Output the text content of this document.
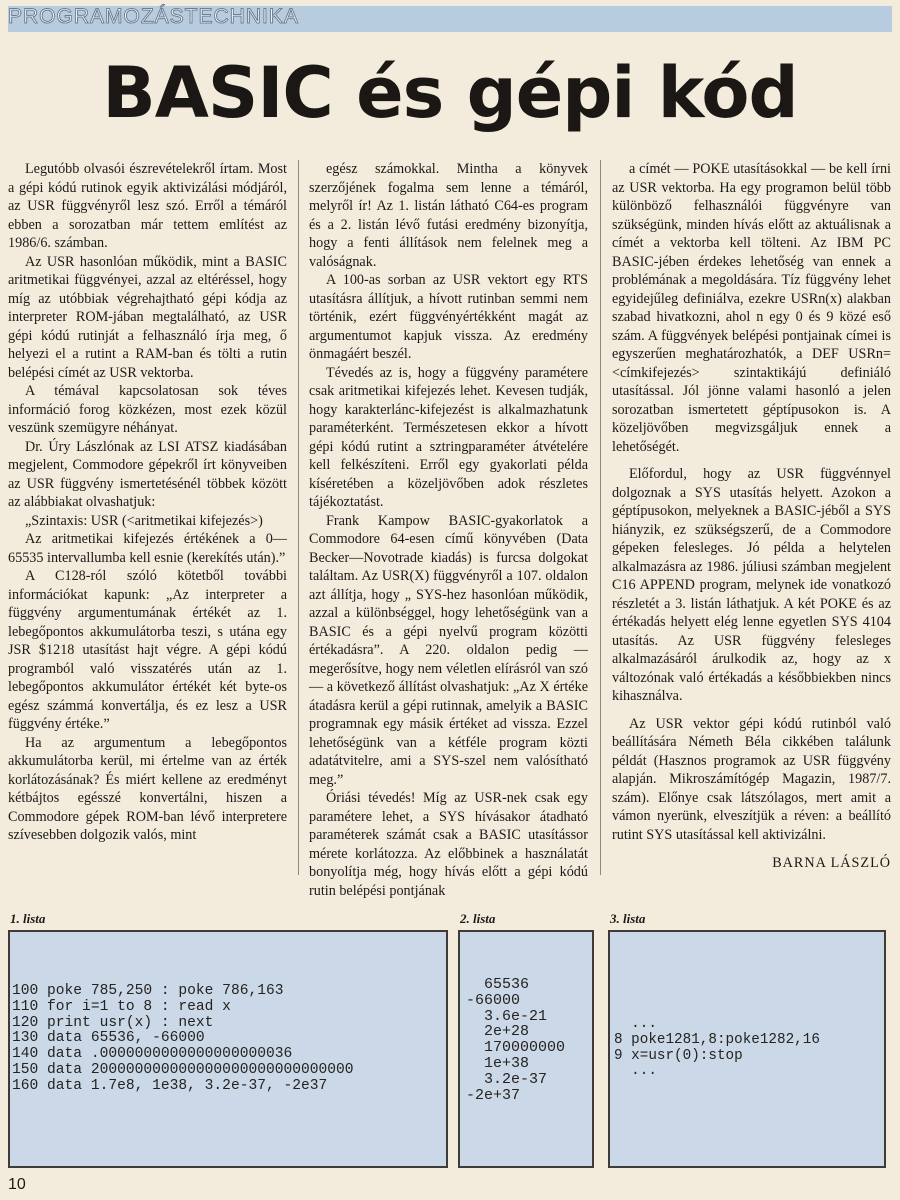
PROGRAMOZÁSTECHNIKA
BASIC és gépi kód

Legutóbb olvasói észrevételekről írtam. Most a gépi kódú rutinok egyik aktivizálási módjáról, az USR függvényről lesz szó. Erről a témáról ebben a sorozatban már tettem említést az 1986/6. számban.

Az USR hasonlóan működik, mint a BASIC aritmetikai függvényei, azzal az eltéréssel, hogy míg az utóbbiak végrehajtható gépi kódja az interpreter ROM-jában megtalálható, az USR gépi kódú rutinját a felhasználó írja meg, ő helyezi el a rutint a RAM-ban és tölti a rutin belépési címét az USR vektorba.

A témával kapcsolatosan sok téves információ forog közkézen, most ezek közül veszünk szemügyre néhányat.

Dr. Úry Lászlónak az LSI ATSZ kiadásában megjelent, Commodore gépekről írt könyveiben az USR függvény ismertetésénél többek között az alábbiakat olvashatjuk:

„Szintaxis: USR (<aritmetikai kifejezés>)

Az aritmetikai kifejezés értékének a 0—65535 intervallumba kell esnie (kerekítés után).”

A C128-ról szóló kötetből további információkat kapunk: „Az interpreter a függvény argumentumának értékét az 1. lebegőpontos akkumulátorba teszi, s utána egy JSR $1218 utasítást hajt végre. A gépi kódú programból való visszatérés után az 1. lebegőpontos akkumulátor értékét két byte-os egész számmá konvertálja, és ez lesz a USR függvény értéke.”

Ha az argumentum a lebegőpontos akkumulátorba kerül, mi értelme van az érték korlátozásának? És miért kellene az eredményt kétbájtos egésszé konvertálni, hiszen a Commodore gépek ROM-ban lévő interpretere szívesebben dolgozik valós, mint

egész számokkal. Mintha a könyvek szerzőjének fogalma sem lenne a témáról, melyről ír! Az 1. listán látható C64-es program és a 2. listán lévő futási eredmény bizonyítja, hogy a fenti állítások nem felelnek meg a valóságnak.

A 100-as sorban az USR vektort egy RTS utasításra állítjuk, a hívott rutinban semmi nem történik, ezért függvényértékként magát az argumentumot kapjuk vissza. Az eredmény önmagáért beszél.

Tévedés az is, hogy a függvény paramétere csak aritmetikai kifejezés lehet. Kevesen tudják, hogy karakterlánc-kifejezést is alkalmazhatunk paraméterként. Természetesen ekkor a hívott gépi kódú rutint a sztringparaméter átvételére kell felkészíteni. Erről egy gyakorlati példa kíséretében a közeljövőben adok részletes tájékoztatást.

Frank Kampow BASIC-gyakorlatok a Commodore 64-esen című könyvében (Data Becker—Novotrade kiadás) is furcsa dolgokat találtam. Az USR(X) függvényről a 107. oldalon azt állítja, hogy „ SYS-hez hasonlóan működik, azzal a különbséggel, hogy lehetőségünk van a BASIC és a gépi nyelvű program közötti értékadásra”. A 220. oldalon pedig — megerősítve, hogy nem véletlen elírásról van szó — a következő állítást olvashatjuk: „Az X értéke átadásra kerül a gépi rutinnak, amelyik a BASIC programnak egy másik értéket ad vissza. Ezzel lehetőségünk van a kétféle program közti adatátvitelre, ami a SYS-szel nem valósítható meg.”

Óriási tévedés! Míg az USR-nek csak egy paramétere lehet, a SYS hívásakor átadható paraméterek számát csak a BASIC utasítássor mérete korlátozza. Az előbbinek a használatát bonyolítja még, hogy hívás előtt a gépi kódú rutin belépési pontjának

a címét — POKE utasításokkal — be kell írni az USR vektorba. Ha egy programon belül több különböző felhasználói függvényre van szükségünk, minden hívás előtt az aktuálisnak a címét a vektorba kell tölteni. Az IBM PC BASIC-jében érdekes lehetőség van ennek a problémának a megoldására. Tíz függvény lehet egyidejűleg definiálva, ezekre USRn(x) alakban szabad hivatkozni, ahol n egy 0 és 9 közé eső szám. A függvények belépési pontjainak címei is egyszerűen meghatározhatók, a DEF USRn=<címkifejezés> szintaktikájú definiáló utasítással. Jól jönne valami hasonló a jelen sorozatban ismertetett géptípusokon is. A közeljövőben megvizsgáljuk ennek a lehetőségét.

Előfordul, hogy az USR függvénnyel dolgoznak a SYS utasítás helyett. Azokon a géptípusokon, melyeknek a BASIC-jéből a SYS hiányzik, ez szükségszerű, de a Commodore gépeken felesleges. Jó példa a helytelen alkalmazásra az 1986. júliusi számban megjelent C16 APPEND program, melynek ide vonatkozó részletét a 3. listán láthatjuk. A két POKE és az értékadás helyett elég lenne egyetlen SYS 4104 utasítás. Az USR függvény felesleges alkalmazásáról árulkodik az, hogy az x változónak való értékadás a későbbiekben nincs kihasználva.

Az USR vektor gépi kódú rutinból való beállítására Németh Béla cikkében találunk példát (Hasznos programok az USR függvény alapján. Mikroszámítógép Magazin, 1987/7. szám). Előnye csak látszólagos, mert amit a vámon nyerünk, elveszítjük a réven: a beállító rutint SYS utasítással kell aktivizálni.

BARNA LÁSZLÓ

1. lista
100 poke 785,250 : poke 786,163
110 for i=1 to 8 : read x
120 print usr(x) : next
130 data 65536, -66000
140 data .0000000000000000000036
150 data 200000000000000000000000000000
160 data 1.7e8, 1e38, 3.2e-37, -2e37
2. lista
65536
-66000
3.6e-21
2e+28
170000000
1e+38
3.2e-37
-2e+37
3. lista
...
8 poke1281,8:poke1282,16
9 x=usr(0):stop
...
10
